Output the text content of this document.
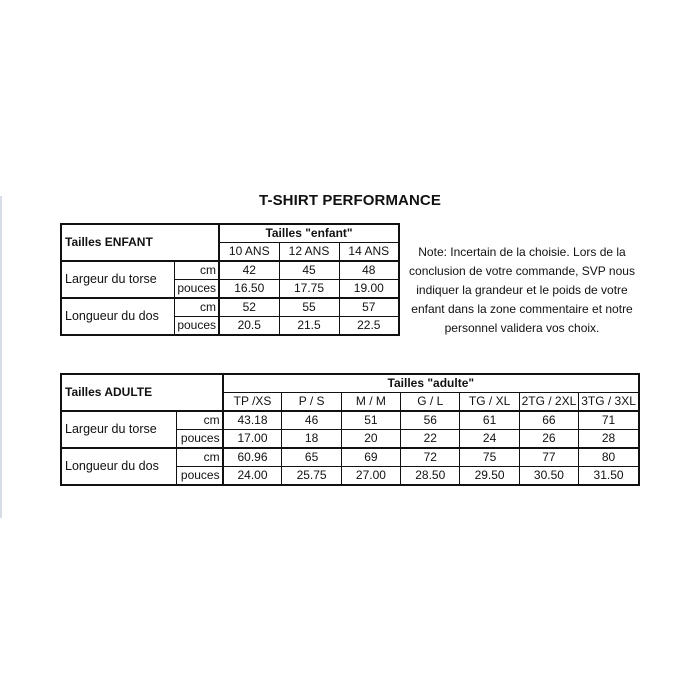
T-SHIRT PERFORMANCE
Tailles ENFANT		Tailles "enfant"		
		10 ANS	12 ANS	14 ANS
Largeur du torse	cm	42	45	48
	pouces	16.50	17.75	19.00
Longueur du dos	cm	52	55	57
	pouces	20.5	21.5	22.5
Note: Incertain de la choisie. Lors de la conclusion de votre commande, SVP nous indiquer la grandeur et le poids de votre enfant dans la zone commentaire et notre personnel validera vos choix.
Tailles ADULTE		Tailles "adulte"						
		TP /XS	P / S	M / M	G / L	TG / XL	2TG / 2XL	3TG / 3XL
Largeur du torse	cm	43.18	46	51	56	61	66	71
	pouces	17.00	18	20	22	24	26	28
Longueur du dos	cm	60.96	65	69	72	75	77	80
	pouces	24.00	25.75	27.00	28.50	29.50	30.50	31.50
